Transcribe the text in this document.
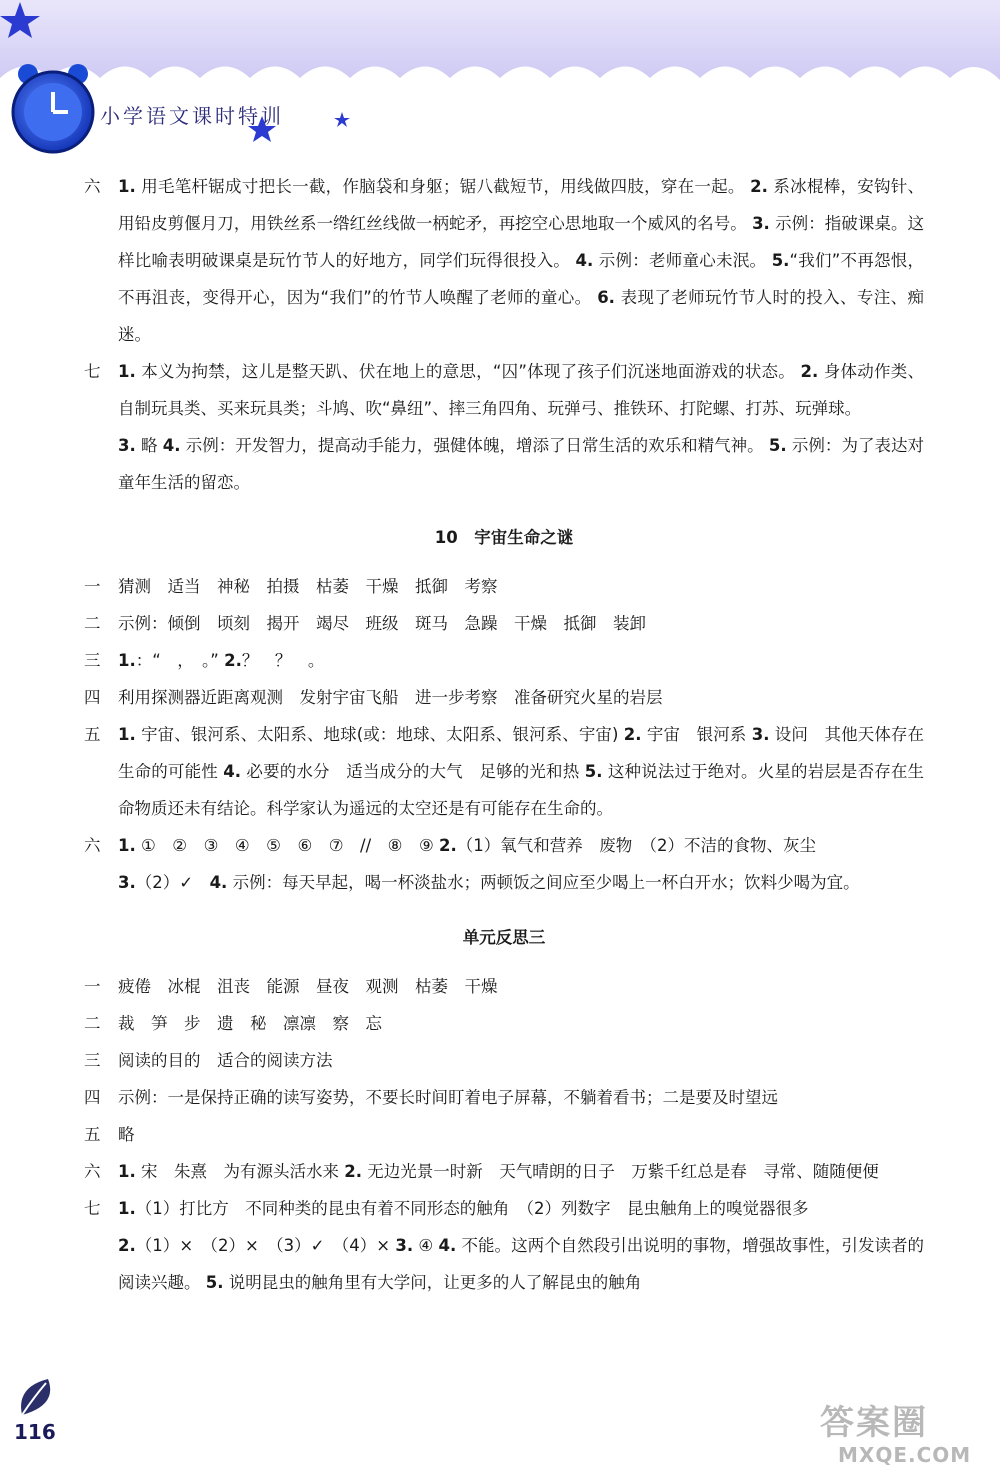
小学语文课时特训
六	1. 用毛笔杆锯成寸把长一截，作脑袋和身躯；锯八截短节，用线做四肢，穿在一起。 2. 系冰棍棒，安钩针、用铅皮剪偃月刀，用铁丝系一绺红丝线做一柄蛇矛，再挖空心思地取一个威风的名号。 3. 示例：指破课桌。这样比喻表明破课桌是玩竹节人的好地方，同学们玩得很投入。 4. 示例：老师童心未泯。 5.“我们”不再怨恨，不再沮丧，变得开心，因为“我们”的竹节人唤醒了老师的童心。 6. 表现了老师玩竹节人时的投入、专注、痴迷。
七	1. 本义为拘禁，这儿是整天趴、伏在地上的意思，“囚”体现了孩子们沉迷地面游戏的状态。 2. 身体动作类、自制玩具类、买来玩具类；斗鸠、吹“鼻纽”、摔三角四角、玩弹弓、推铁环、打陀螺、打苏、玩弹球。
3. 略 4. 示例：开发智力，提高动手能力，强健体魄，增添了日常生活的欢乐和精气神。 5. 示例：为了表达对童年生活的留恋。
10　宇宙生命之谜
一	猜测　适当　神秘　拍摄　枯萎　干燥　抵御　考察
二	示例：倾倒　顷刻　揭开　竭尽　班级　斑马　急躁　干燥　抵御　装卸
三	1.：“　，　。” 2.？　？　。
四	利用探测器近距离观测　发射宇宙飞船　进一步考察　准备研究火星的岩层
五	1. 宇宙、银河系、太阳系、地球(或：地球、太阳系、银河系、宇宙) 2. 宇宙　银河系 3. 设问　其他天体存在生命的可能性 4. 必要的水分　适当成分的大气　足够的光和热 5. 这种说法过于绝对。火星的岩层是否存在生命物质还未有结论。科学家认为遥远的太空还是有可能存在生命的。
六	1. ①　②　③　④　⑤　⑥　⑦　//　⑧　⑨ 2.（1）氧气和营养　废物　（2）不洁的食物、灰尘
3.（2）✓　4. 示例：每天早起，喝一杯淡盐水；两顿饭之间应至少喝上一杯白开水；饮料少喝为宜。
单元反思三
一	疲倦　冰棍　沮丧　能源　昼夜　观测　枯萎　干燥
二	裁　笋　步　遗　秘　凛凛　察　忘
三	阅读的目的　适合的阅读方法
四	示例：一是保持正确的读写姿势，不要长时间盯着电子屏幕，不躺着看书；二是要及时望远
五	略
六	1. 宋　朱熹　为有源头活水来 2. 无边光景一时新　天气晴朗的日子　万紫千红总是春　寻常、随随便便
七	1.（1）打比方　不同种类的昆虫有着不同形态的触角　（2）列数字　昆虫触角上的嗅觉器很多
2.（1）×　（2）×　（3）✓　（4）× 3. ④ 4. 不能。这两个自然段引出说明的事物，增强故事性，引发读者的阅读兴趣。 5. 说明昆虫的触角里有大学问，让更多的人了解昆虫的触角
116	答案圈
MXQE.COM
